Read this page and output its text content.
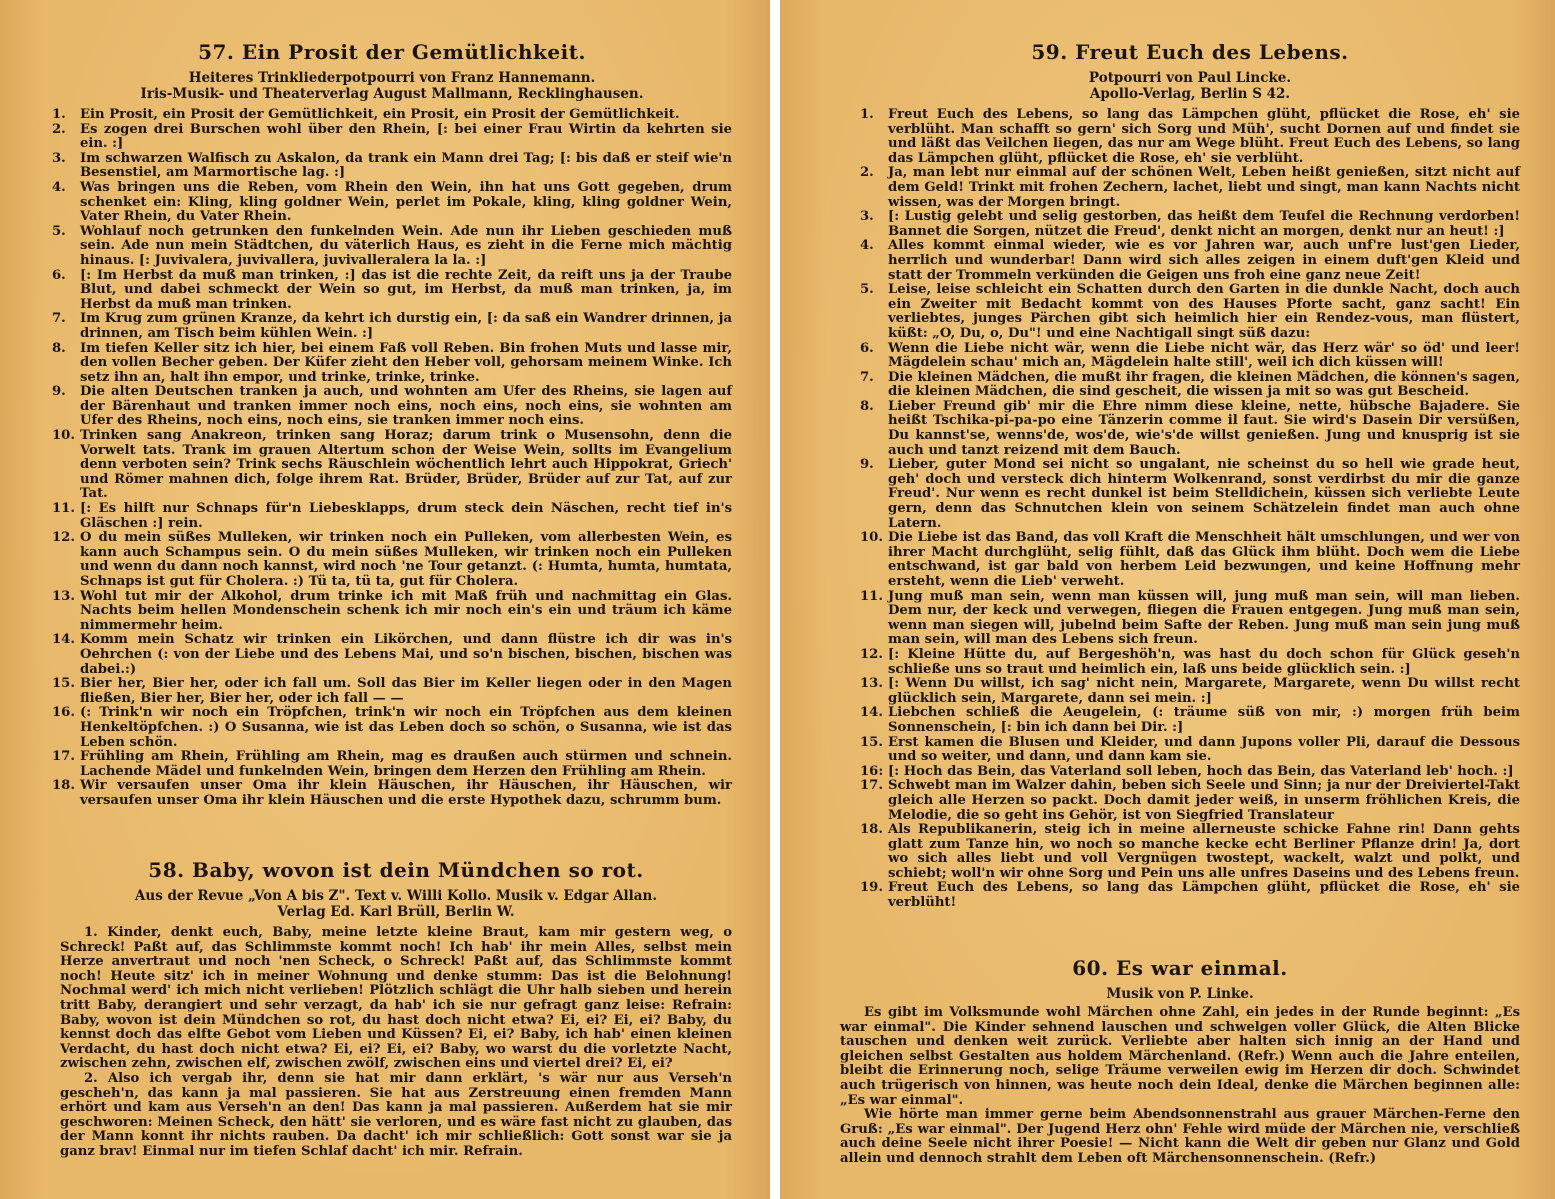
57. Ein Prosit der Gemütlichkeit.

Heiteres Trinkliederpotpourri von Franz Hannemann.

Iris-Musik- und Theaterverlag August Mallmann, Recklinghausen.

1.	Ein Prosit, ein Prosit der Gemütlichkeit, ein Prosit, ein Prosit der Gemütlichkeit.
2.	Es zogen drei Burschen wohl über den Rhein, [: bei einer Frau Wirtin da kehrten sie ein. :]
3.	Im schwarzen Walfisch zu Askalon, da trank ein Mann drei Tag; [: bis daß er steif wie'n Besenstiel, am Marmortische lag. :]
4.	Was bringen uns die Reben, vom Rhein den Wein, ihn hat uns Gott gegeben, drum schenket ein: Kling, kling goldner Wein, perlet im Pokale, kling, kling goldner Wein, Vater Rhein, du Vater Rhein.
5.	Wohlauf noch getrunken den funkelnden Wein. Ade nun ihr Lieben geschieden muß sein. Ade nun mein Städtchen, du väterlich Haus, es zieht in die Ferne mich mächtig hinaus. [: Juvivalera, juvivallera, juvivalleralera la la. :]
6.	[: Im Herbst da muß man trinken, :] das ist die rechte Zeit, da reift uns ja der Traube Blut, und dabei schmeckt der Wein so gut, im Herbst, da muß man trinken, ja, im Herbst da muß man trinken.
7.	Im Krug zum grünen Kranze, da kehrt ich durstig ein, [: da saß ein Wandrer drinnen, ja drinnen, am Tisch beim kühlen Wein. :]
8.	Im tiefen Keller sitz ich hier, bei einem Faß voll Reben. Bin frohen Muts und lasse mir, den vollen Becher geben. Der Küfer zieht den Heber voll, gehorsam meinem Winke. Ich setz ihn an, halt ihn empor, und trinke, trinke, trinke.
9.	Die alten Deutschen tranken ja auch, und wohnten am Ufer des Rheins, sie lagen auf der Bärenhaut und tranken immer noch eins, noch eins, noch eins, sie wohnten am Ufer des Rheins, noch eins, noch eins, sie tranken immer noch eins.
10. Trinken sang Anakreon, trinken sang Horaz; darum trink o Musensohn, denn die Vorwelt tats. Trank im grauen Altertum schon der Weise Wein, sollts im Evangelium denn verboten sein? Trink sechs Räuschlein wöchentlich lehrt auch Hippokrat, Griech' und Römer mahnen dich, folge ihrem Rat. Brüder, Brüder, Brüder auf zur Tat, auf zur Tat.
11. [: Es hilft nur Schnaps für'n Liebesklapps, drum steck dein Näschen, recht tief in's Gläschen :] rein.
12. O du mein süßes Mulleken, wir trinken noch ein Pulleken, vom allerbesten Wein, es kann auch Schampus sein. O du mein süßes Mulleken, wir trinken noch ein Pulleken und wenn du dann noch kannst, wird noch 'ne Tour getanzt. (: Humta, humta, humtata, Schnaps ist gut für Cholera. :) Tü ta, tü ta, gut für Cholera.
13. Wohl tut mir der Alkohol, drum trinke ich mit Maß früh und nachmittag ein Glas. Nachts beim hellen Mondenschein schenk ich mir noch ein's ein und träum ich käme nimmermehr heim.
14. Komm mein Schatz wir trinken ein Likörchen, und dann flüstre ich dir was in's Oehrchen (: von der Liebe und des Lebens Mai, und so'n bischen, bischen, bischen was dabei.:)
15. Bier her, Bier her, oder ich fall um. Soll das Bier im Keller liegen oder in den Magen fließen, Bier her, Bier her, oder ich fall — —
16. (: Trink'n wir noch ein Tröpfchen, trink'n wir noch ein Tröpfchen aus dem kleinen Henkeltöpfchen. :) O Susanna, wie ist das Leben doch so schön, o Susanna, wie ist das Leben schön.
17. Frühling am Rhein, Frühling am Rhein, mag es draußen auch stürmen und schnein. Lachende Mädel und funkelnden Wein, bringen dem Herzen den Frühling am Rhein.
18. Wir versaufen unser Oma ihr klein Häuschen, ihr Häuschen, ihr Häuschen, wir versaufen unser Oma ihr klein Häuschen und die erste Hypothek dazu, schrumm bum.
58. Baby, wovon ist dein Mündchen so rot.

Aus der Revue „Von A bis Z". Text v. Willi Kollo. Musik v. Edgar Allan.

Verlag Ed. Karl Brüll, Berlin W.

1. Kinder, denkt euch, Baby, meine letzte kleine Braut, kam mir gestern weg, o Schreck! Paßt auf, das Schlimmste kommt noch! Ich hab' ihr mein Alles, selbst mein Herze anvertraut und noch 'nen Scheck, o Schreck! Paßt auf, das Schlimmste kommt noch! Heute sitz' ich in meiner Wohnung und denke stumm: Das ist die Belohnung! Nochmal werd' ich mich nicht verlieben! Plötzlich schlägt die Uhr halb sieben und herein tritt Baby, derangiert und sehr verzagt, da hab' ich sie nur gefragt ganz leise: Refrain: Baby, wovon ist dein Mündchen so rot, du hast doch nicht etwa? Ei, ei? Ei, ei? Baby, du kennst doch das elfte Gebot vom Lieben und Küssen? Ei, ei? Baby, ich hab' einen kleinen Verdacht, du hast doch nicht etwa? Ei, ei? Ei, ei? Baby, wo warst du die vorletzte Nacht, zwischen zehn, zwischen elf, zwischen zwölf, zwischen eins und viertel drei? Ei, ei?

2. Also ich vergab ihr, denn sie hat mir dann erklärt, 's wär nur aus Verseh'n gescheh'n, das kann ja mal passieren. Sie hat aus Zerstreuung einen fremden Mann erhört und kam aus Verseh'n an den! Das kann ja mal passieren. Außerdem hat sie mir geschworen: Meinen Scheck, den hätt' sie verloren, und es wäre fast nicht zu glauben, das der Mann konnt ihr nichts rauben. Da dacht' ich mir schließlich: Gott sonst war sie ja ganz brav! Einmal nur im tiefen Schlaf dacht' ich mir. Refrain.

59. Freut Euch des Lebens.

Potpourri von Paul Lincke.

Apollo-Verlag, Berlin S 42.

1.	Freut Euch des Lebens, so lang das Lämpchen glüht, pflücket die Rose, eh' sie verblüht. Man schafft so gern' sich Sorg und Müh', sucht Dornen auf und findet sie und läßt das Veilchen liegen, das nur am Wege blüht. Freut Euch des Lebens, so lang das Lämpchen glüht, pflücket die Rose, eh' sie verblüht.
2.	Ja, man lebt nur einmal auf der schönen Welt, Leben heißt genießen, sitzt nicht auf dem Geld! Trinkt mit frohen Zechern, lachet, liebt und singt, man kann Nachts nicht wissen, was der Morgen bringt.
3.	[: Lustig gelebt und selig gestorben, das heißt dem Teufel die Rechnung verdorben! Bannet die Sorgen, nützet die Freud', denkt nicht an morgen, denkt nur an heut! :]
4.	Alles kommt einmal wieder, wie es vor Jahren war, auch unf're lust'gen Lieder, herrlich und wunderbar! Dann wird sich alles zeigen in einem duft'gen Kleid und statt der Trommeln verkünden die Geigen uns froh eine ganz neue Zeit!
5.	Leise, leise schleicht ein Schatten durch den Garten in die dunkle Nacht, doch auch ein Zweiter mit Bedacht kommt von des Hauses Pforte sacht, ganz sacht! Ein verliebtes, junges Pärchen gibt sich heimlich hier ein Rendez-vous, man flüstert, küßt: „O, Du, o, Du"! und eine Nachtigall singt süß dazu:
6.	Wenn die Liebe nicht wär, wenn die Liebe nicht wär, das Herz wär' so öd' und leer! Mägdelein schau' mich an, Mägdelein halte still', weil ich dich küssen will!
7.	Die kleinen Mädchen, die mußt ihr fragen, die kleinen Mädchen, die können's sagen, die kleinen Mädchen, die sind gescheit, die wissen ja mit so was gut Bescheid.
8.	Lieber Freund gib' mir die Ehre nimm diese kleine, nette, hübsche Bajadere. Sie heißt Tschika-pi-pa-po eine Tänzerin comme il faut. Sie wird's Dasein Dir versüßen, Du kannst'se, wenns'de, wos'de, wie's'de willst genießen. Jung und knusprig ist sie auch und tanzt reizend mit dem Bauch.
9.	Lieber, guter Mond sei nicht so ungalant, nie scheinst du so hell wie grade heut, geh' doch und versteck dich hinterm Wolkenrand, sonst verdirbst du mir die ganze Freud'. Nur wenn es recht dunkel ist beim Stelldichein, küssen sich verliebte Leute gern, denn das Schnutchen klein von seinem Schätzelein findet man auch ohne Latern.
10. Die Liebe ist das Band, das voll Kraft die Menschheit hält umschlungen, und wer von ihrer Macht durchglüht, selig fühlt, daß das Glück ihm blüht. Doch wem die Liebe entschwand, ist gar bald von herbem Leid bezwungen, und keine Hoffnung mehr ersteht, wenn die Lieb' verweht.
11. Jung muß man sein, wenn man küssen will, jung muß man sein, will man lieben. Dem nur, der keck und verwegen, fliegen die Frauen entgegen. Jung muß man sein, wenn man siegen will, jubelnd beim Safte der Reben. Jung muß man sein jung muß man sein, will man des Lebens sich freun.
12. [: Kleine Hütte du, auf Bergeshöh'n, was hast du doch schon für Glück geseh'n schließe uns so traut und heimlich ein, laß uns beide glücklich sein. :]
13. [: Wenn Du willst, ich sag' nicht nein, Margarete, Margarete, wenn Du willst recht glücklich sein, Margarete, dann sei mein. :]
14. Liebchen schließ die Aeugelein, (: träume süß von mir, :) morgen früh beim Sonnenschein, [: bin ich dann bei Dir. :]
15. Erst kamen die Blusen und Kleider, und dann Jupons voller Pli, darauf die Dessous und so weiter, und dann, und dann kam sie.
16: [: Hoch das Bein, das Vaterland soll leben, hoch das Bein, das Vaterland leb' hoch. :]
17. Schwebt man im Walzer dahin, beben sich Seele und Sinn; ja nur der Dreiviertel-Takt gleich alle Herzen so packt. Doch damit jeder weiß, in unserm fröhlichen Kreis, die Melodie, die so geht ins Gehör, ist von Siegfried Translateur
18. Als Republikanerin, steig ich in meine allerneuste schicke Fahne rin! Dann gehts glatt zum Tanze hin, wo noch so manche kecke echt Berliner Pflanze drin! Ja, dort wo sich alles liebt und voll Vergnügen twostept, wackelt, walzt und polkt, und schiebt; woll'n wir ohne Sorg und Pein uns alle unfres Daseins und des Lebens freun.
19. Freut Euch des Lebens, so lang das Lämpchen glüht, pflücket die Rose, eh' sie verblüht!
60. Es war einmal.

Musik von P. Linke.

Es gibt im Volksmunde wohl Märchen ohne Zahl, ein jedes in der Runde beginnt: „Es war einmal". Die Kinder sehnend lauschen und schwelgen voller Glück, die Alten Blicke tauschen und denken weit zurück. Verliebte aber halten sich innig an der Hand und gleichen selbst Gestalten aus holdem Märchenland. (Refr.) Wenn auch die Jahre enteilen, bleibt die Erinnerung noch, selige Träume verweilen ewig im Herzen dir doch. Schwindet auch trügerisch von hinnen, was heute noch dein Ideal, denke die Märchen beginnen alle: „Es war einmal".

Wie hörte man immer gerne beim Abendsonnenstrahl aus grauer Märchen-Ferne den Gruß: „Es war einmal". Der Jugend Herz ohn' Fehle wird müde der Märchen nie, verschließ auch deine Seele nicht ihrer Poesie! — Nicht kann die Welt dir geben nur Glanz und Gold allein und dennoch strahlt dem Leben oft Märchensonnenschein. (Refr.)
